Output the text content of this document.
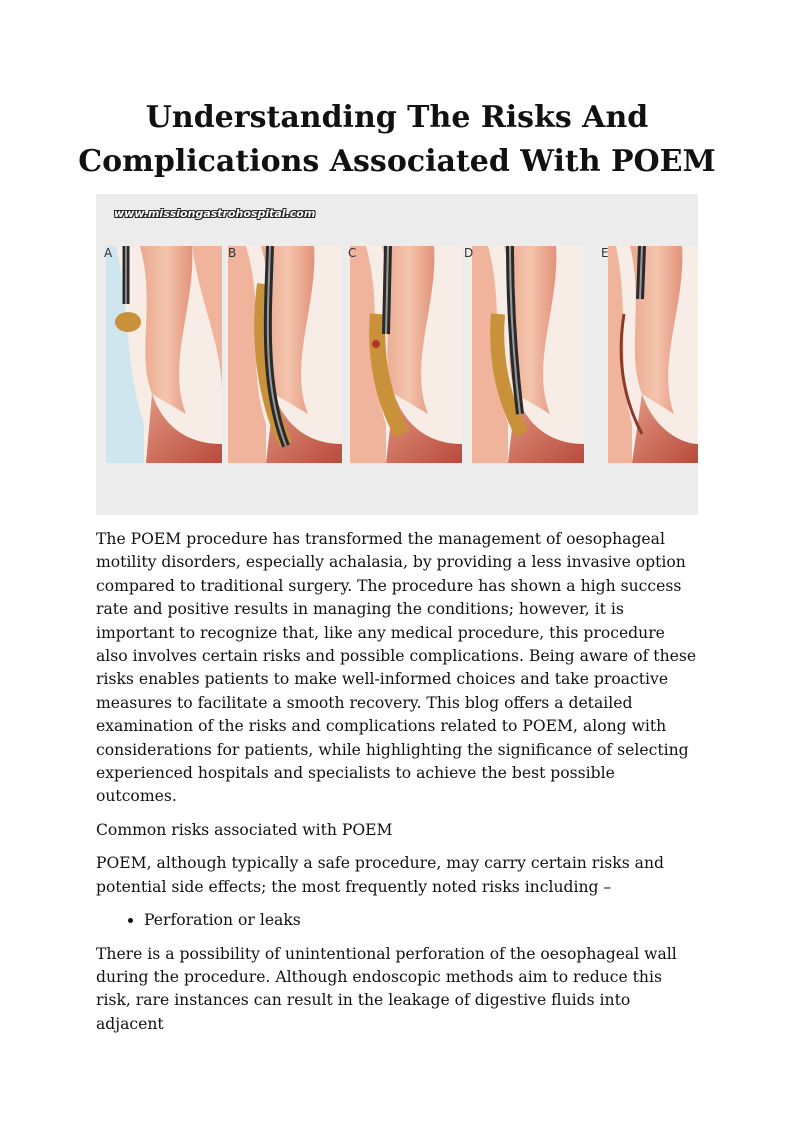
Understanding The Risks And Complications Associated With POEM
A	B	C	D	E
www.missiongastrohospital.com

The POEM procedure has transformed the management of oesophageal motility disorders, especially achalasia, by providing a less invasive option compared to traditional surgery. The procedure has shown a high success rate and positive results in managing the conditions; however, it is important to recognize that, like any medical procedure, this procedure also involves certain risks and possible complications. Being aware of these risks enables patients to make well-informed choices and take proactive measures to facilitate a smooth recovery. This blog offers a detailed examination of the risks and complications related to POEM, along with considerations for patients, while highlighting the significance of selecting experienced hospitals and specialists to achieve the best possible outcomes.

Common risks associated with POEM

POEM, although typically a safe procedure, may carry certain risks and potential side effects; the most frequently noted risks including –

• Perforation or leaks

There is a possibility of unintentional perforation of the oesophageal wall during the procedure. Although endoscopic methods aim to reduce this risk, rare instances can result in the leakage of digestive fluids into adjacent
